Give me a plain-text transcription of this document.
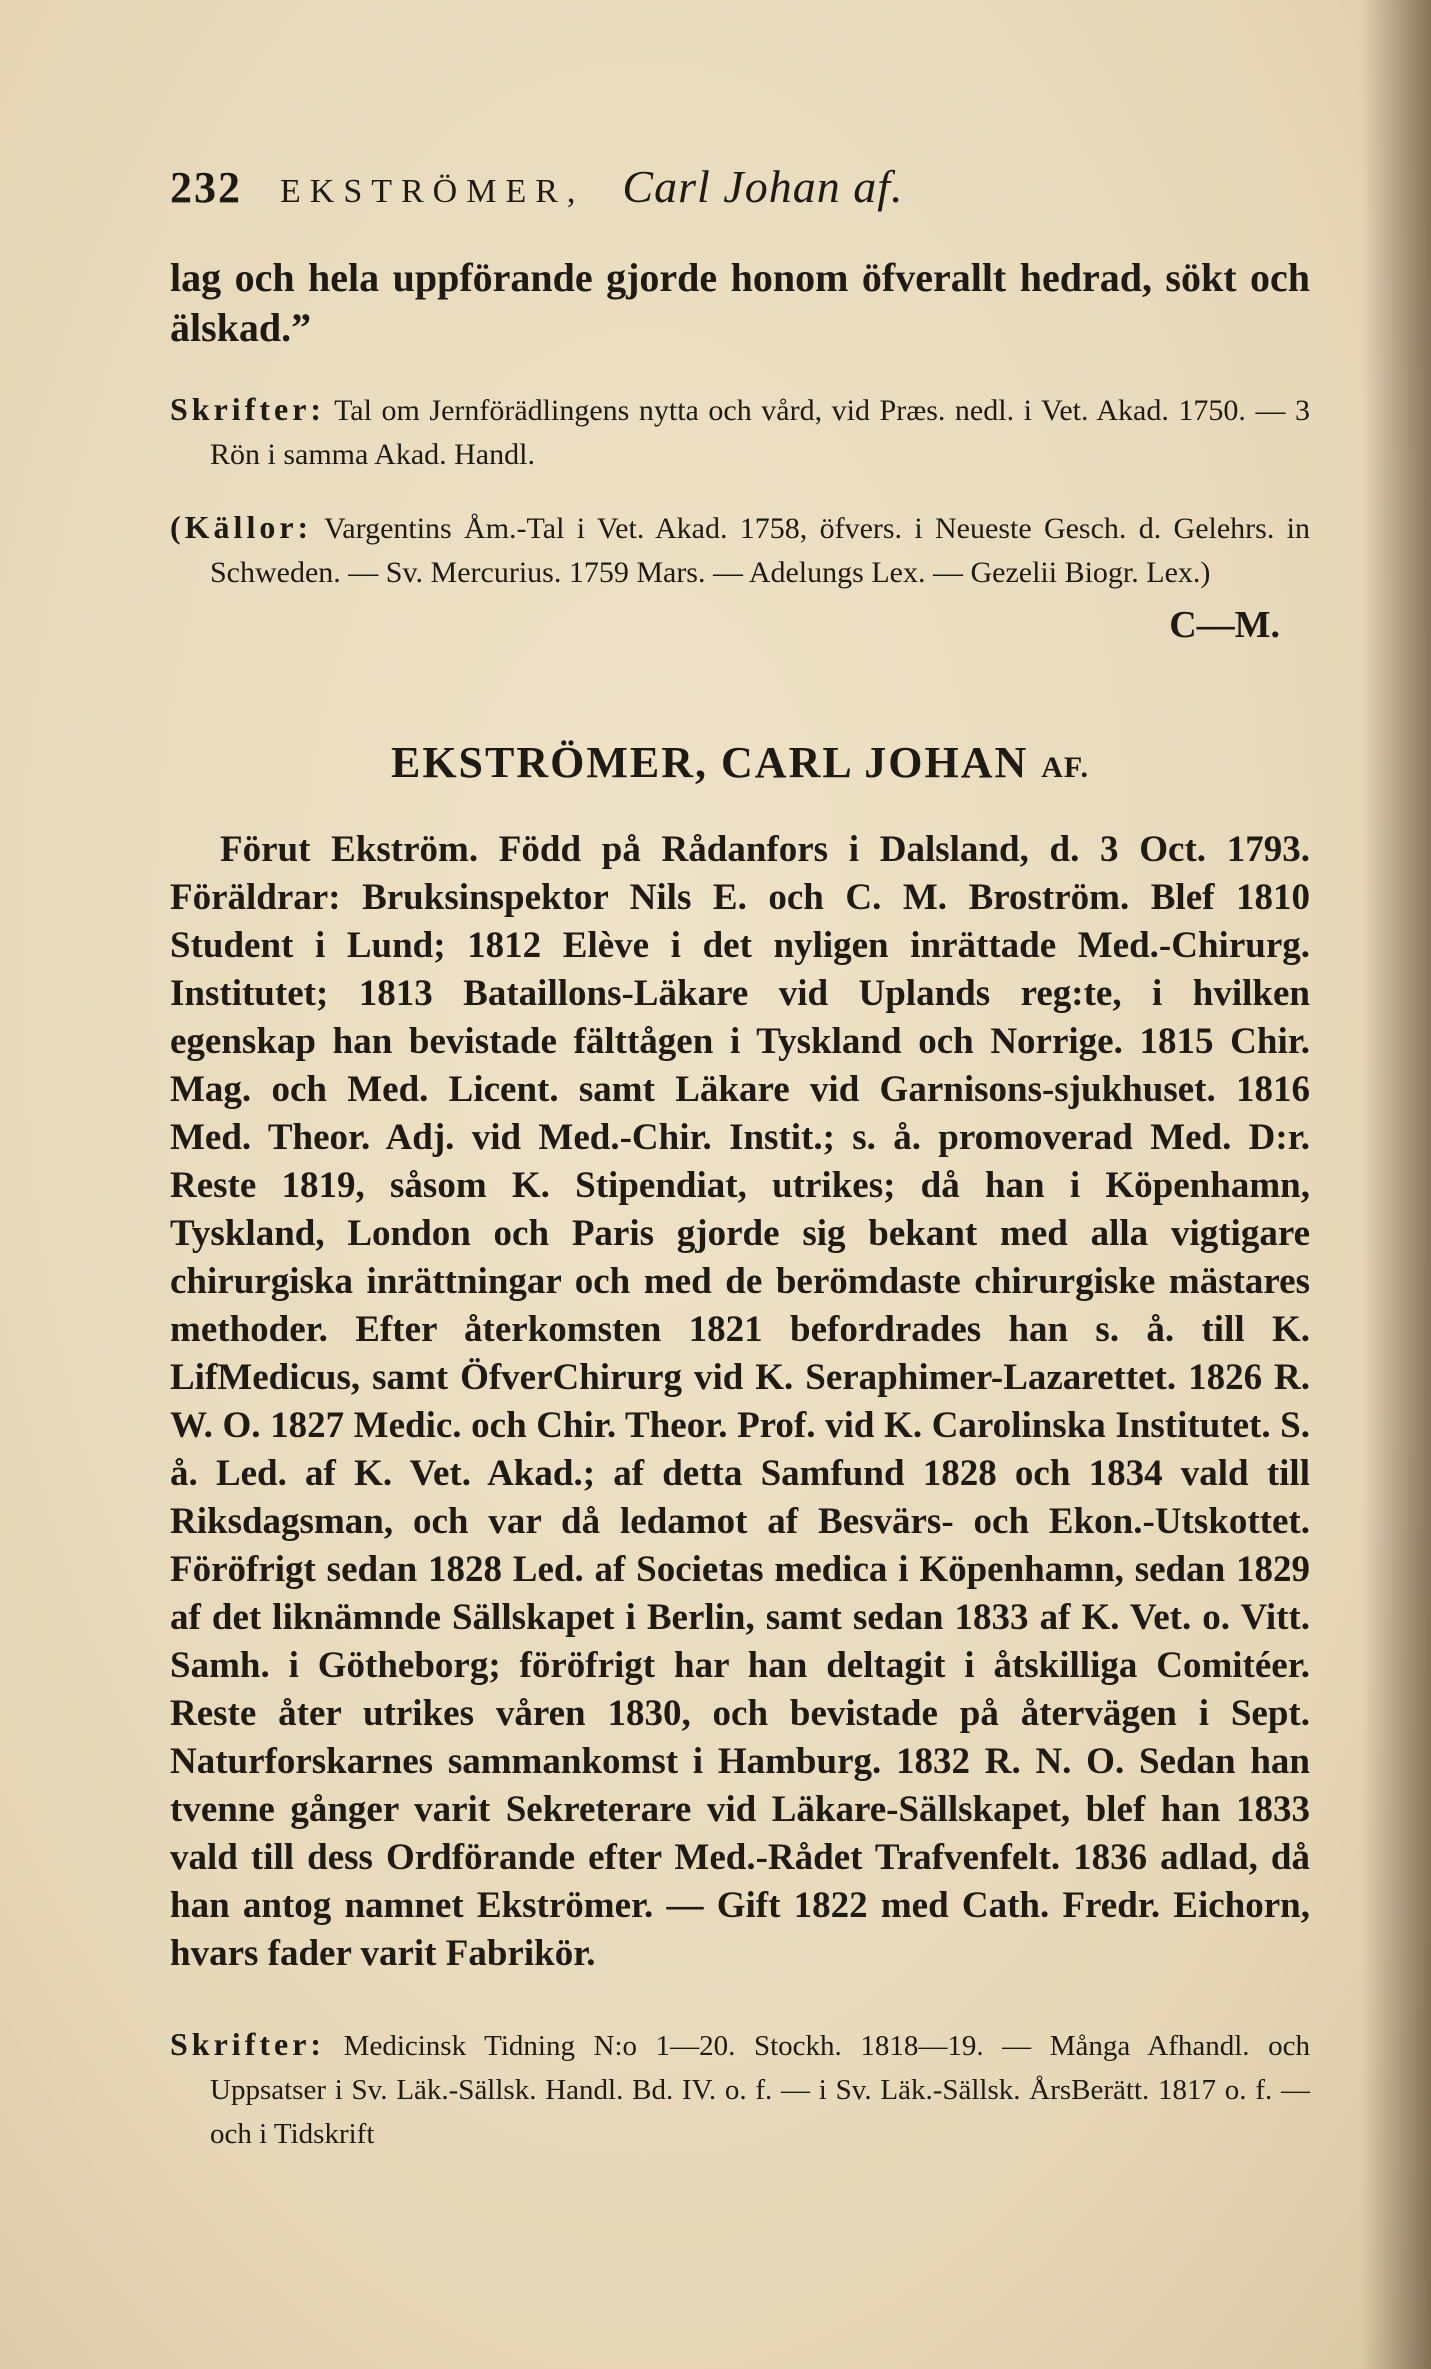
232 EKSTRÖMER, Carl Johan af.

lag och hela uppförande gjorde honom öfverallt hedrad, sökt och älskad.”

Skrifter: Tal om Jernförädlingens nytta och vård, vid Præs. nedl. i Vet. Akad. 1750. — 3 Rön i samma Akad. Handl.

(Källor: Vargentins Åm.-Tal i Vet. Akad. 1758, öfvers. i Neueste Gesch. d. Gelehrs. in Schweden. — Sv. Mercurius. 1759 Mars. — Adelungs Lex. — Gezelii Biogr. Lex.)

C—M.
EKSTRÖMER, CARL JOHAN AF.

Förut Ekström. Född på Rådanfors i Dalsland, d. 3 Oct. 1793. Föräldrar: Bruksinspektor Nils E. och C. M. Broström. Blef 1810 Student i Lund; 1812 Elève i det nyligen inrättade Med.-Chirurg. Institutet; 1813 Bataillons-Läkare vid Uplands reg:te, i hvilken egenskap han bevistade fälttågen i Tyskland och Norrige. 1815 Chir. Mag. och Med. Licent. samt Läkare vid Garnisons-sjukhuset. 1816 Med. Theor. Adj. vid Med.-Chir. Instit.; s. å. promoverad Med. D:r. Reste 1819, såsom K. Stipendiat, utrikes; då han i Köpenhamn, Tyskland, London och Paris gjorde sig bekant med alla vigtigare chirurgiska inrättningar och med de berömdaste chirurgiske mästares methoder. Efter återkomsten 1821 befordrades han s. å. till K. LifMedicus, samt ÖfverChirurg vid K. Seraphimer-Lazarettet. 1826 R. W. O. 1827 Medic. och Chir. Theor. Prof. vid K. Carolinska Institutet. S. å. Led. af K. Vet. Akad.; af detta Samfund 1828 och 1834 vald till Riksdagsman, och var då ledamot af Besvärs- och Ekon.-Utskottet. Föröfrigt sedan 1828 Led. af Societas medica i Köpenhamn, sedan 1829 af det liknämnde Sällskapet i Berlin, samt sedan 1833 af K. Vet. o. Vitt. Samh. i Götheborg; föröfrigt har han deltagit i åtskilliga Comitéer. Reste åter utrikes våren 1830, och bevistade på återvägen i Sept. Naturforskarnes sammankomst i Hamburg. 1832 R. N. O. Sedan han tvenne gånger varit Sekreterare vid Läkare-Sällskapet, blef han 1833 vald till dess Ordförande efter Med.-Rådet Trafvenfelt. 1836 adlad, då han antog namnet Ekströmer. — Gift 1822 med Cath. Fredr. Eichorn, hvars fader varit Fabrikör.

Skrifter: Medicinsk Tidning N:o 1—20. Stockh. 1818—19. — Många Afhandl. och Uppsatser i Sv. Läk.-Sällsk. Handl. Bd. IV. o. f. — i Sv. Läk.-Sällsk. ÅrsBerätt. 1817 o. f. — och i Tidskrift
